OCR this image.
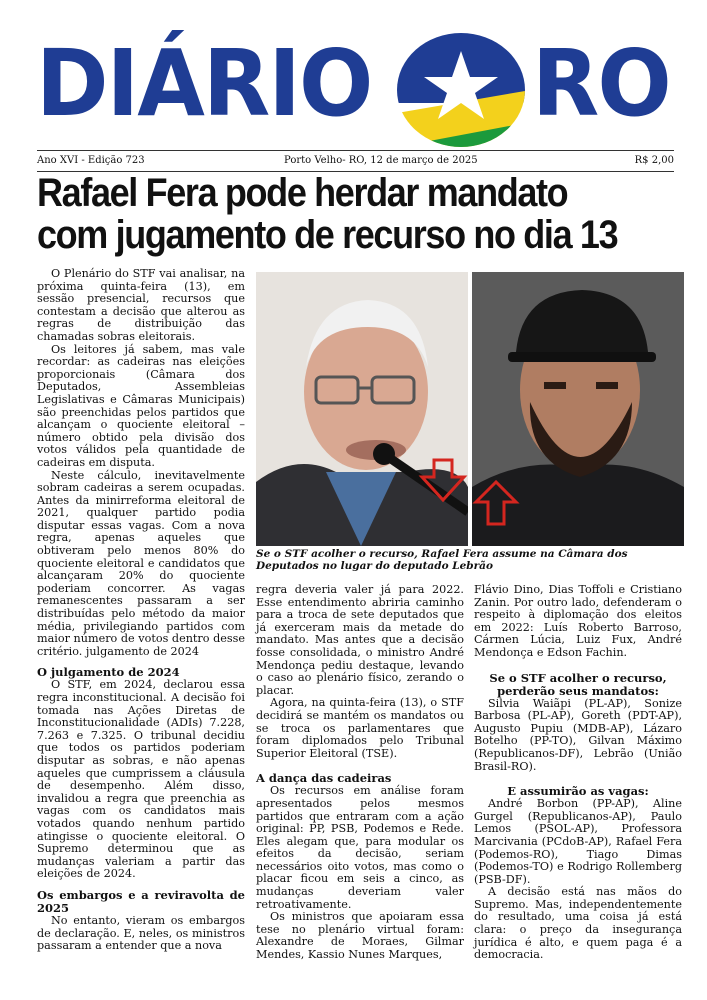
DIÁRIO RO
Ano XVI - Edição 723	Porto Velho- RO, 12 de março de 2025	R$ 2,00
Rafael Fera pode herdar mandato
com jugamento de recurso no dia 13

O Plenário do STF vai analisar, na próxima quinta-feira (13), em sessão presencial, recursos que contestam a decisão que alterou as regras de distribuição das chamadas sobras eleitorais.

Os leitores já sabem, mas vale recordar: as cadeiras nas eleições proporcionais (Câmara dos Deputados, Assembleias Legislativas e Câmaras Municipais) são preenchidas pelos partidos que alcançam o quociente eleitoral – número obtido pela divisão dos votos válidos pela quantidade de cadeiras em disputa.

Neste cálculo, inevitavelmente sobram cadeiras a serem ocupadas. Antes da minirreforma eleitoral de 2021, qualquer partido podia disputar essas vagas. Com a nova regra, apenas aqueles que obtiveram pelo menos 80% do quociente eleitoral e candidatos que alcançaram 20% do quociente poderiam concorrer. As vagas remanescentes passaram a ser distribuídas pelo método da maior média, privilegiando partidos com maior número de votos dentro desse critério. julgamento de 2024

O julgamento de 2024

O STF, em 2024, declarou essa regra inconstitucional. A decisão foi tomada nas Ações Diretas de Inconstitucionalidade (ADIs) 7.228, 7.263 e 7.325. O tribunal decidiu que todos os partidos poderiam disputar as sobras, e não apenas aqueles que cumprissem a cláusula de desempenho. Além disso, invalidou a regra que preenchia as vagas com os candidatos mais votados quando nenhum partido atingisse o quociente eleitoral. O Supremo determinou que as mudanças valeriam a partir das eleições de 2024.

Os embargos e a reviravolta de 2025

No entanto, vieram os embargos de declaração. E, neles, os ministros passaram a entender que a nova

Se o STF acolher o recurso, Rafael Fera assume na Câmara dos Deputados no lugar do deputado Lebrão

regra deveria valer já para 2022. Esse entendimento abriria caminho para a troca de sete deputados que já exerceram mais da metade do mandato. Mas antes que a decisão fosse consolidada, o ministro André Mendonça pediu destaque, levando o caso ao plenário físico, zerando o placar.

Agora, na quinta-feira (13), o STF decidirá se mantém os mandatos ou se troca os parlamentares que foram diplomados pelo Tribunal Superior Eleitoral (TSE).

A dança das cadeiras

Os recursos em análise foram apresentados pelos mesmos partidos que entraram com a ação original: PP, PSB, Podemos e Rede. Eles alegam que, para modular os efeitos da decisão, seriam necessários oito votos, mas como o placar ficou em seis a cinco, as mudanças deveriam valer retroativamente.

Os ministros que apoiaram essa tese no plenário virtual foram: Alexandre de Moraes, Gilmar Mendes, Kassio Nunes Marques,

Flávio Dino, Dias Toffoli e Cristiano Zanin. Por outro lado, defenderam o respeito à diplomação dos eleitos em 2022: Luís Roberto Barroso, Cármen Lúcia, Luiz Fux, André Mendonça e Edson Fachin.

Se o STF acolher o recurso, perderão seus mandatos:

Silvia Waiãpi (PL-AP), Sonize Barbosa (PL-AP), Goreth (PDT-AP), Augusto Pupiu (MDB-AP), Lázaro Botelho (PP-TO), Gilvan Máximo (Republicanos-DF), Lebrão (União Brasil-RO).

E assumirão as vagas:

André Borbon (PP-AP), Aline Gurgel (Republicanos-AP), Paulo Lemos (PSOL-AP), Professora Marcivania (PCdoB-AP), Rafael Fera (Podemos-RO), Tiago Dimas (Podemos-TO) e Rodrigo Rollemberg (PSB-DF).

A decisão está nas mãos do Supremo. Mas, independentemente do resultado, uma coisa já está clara: o preço da insegurança jurídica é alto, e quem paga é a democracia.
